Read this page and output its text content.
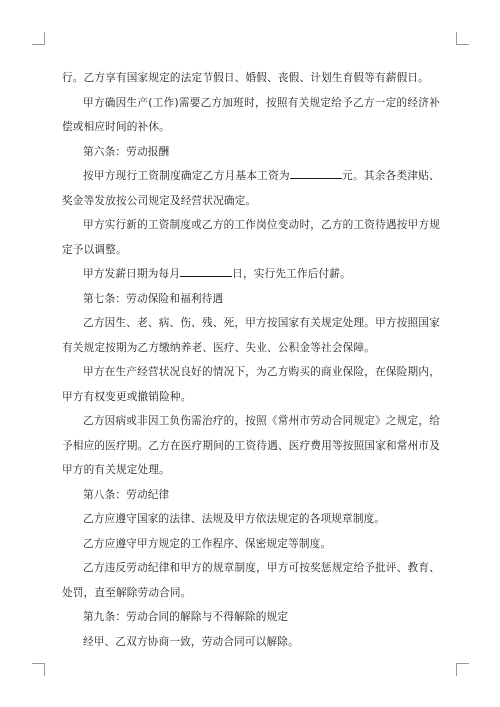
行。乙方享有国家规定的法定节假日、婚假、丧假、计划生育假等有薪假日。

甲方确因生产(工作)需要乙方加班时，按照有关规定给予乙方一定的经济补偿或相应时间的补休。

第六条：劳动报酬

按甲方现行工资制度确定乙方月基本工资为	元。其余各类津贴、奖金等发放按公司规定及经营状况确定。

甲方实行新的工资制度或乙方的工作岗位变动时，乙方的工资待遇按甲方规定予以调整。

甲方发薪日期为每月	日，实行先工作后付薪。

第七条：劳动保险和福利待遇

乙方因生、老、病、伤、残、死，甲方按国家有关规定处理。甲方按照国家有关规定按期为乙方缴纳养老、医疗、失业、公积金等社会保障。

甲方在生产经营状况良好的情况下，为乙方购买的商业保险，在保险期内，甲方有权变更或撤销险种。

乙方因病或非因工负伤需治疗的，按照《常州市劳动合同规定》之规定，给予相应的医疗期。乙方在医疗期间的工资待遇、医疗费用等按照国家和常州市及甲方的有关规定处理。

第八条：劳动纪律

乙方应遵守国家的法律、法规及甲方依法规定的各项规章制度。

乙方应遵守甲方规定的工作程序、保密规定等制度。

乙方违反劳动纪律和甲方的规章制度，甲方可按奖惩规定给予批评、教育、处罚，直至解除劳动合同。

第九条：劳动合同的解除与不得解除的规定

经甲、乙双方协商一致，劳动合同可以解除。
